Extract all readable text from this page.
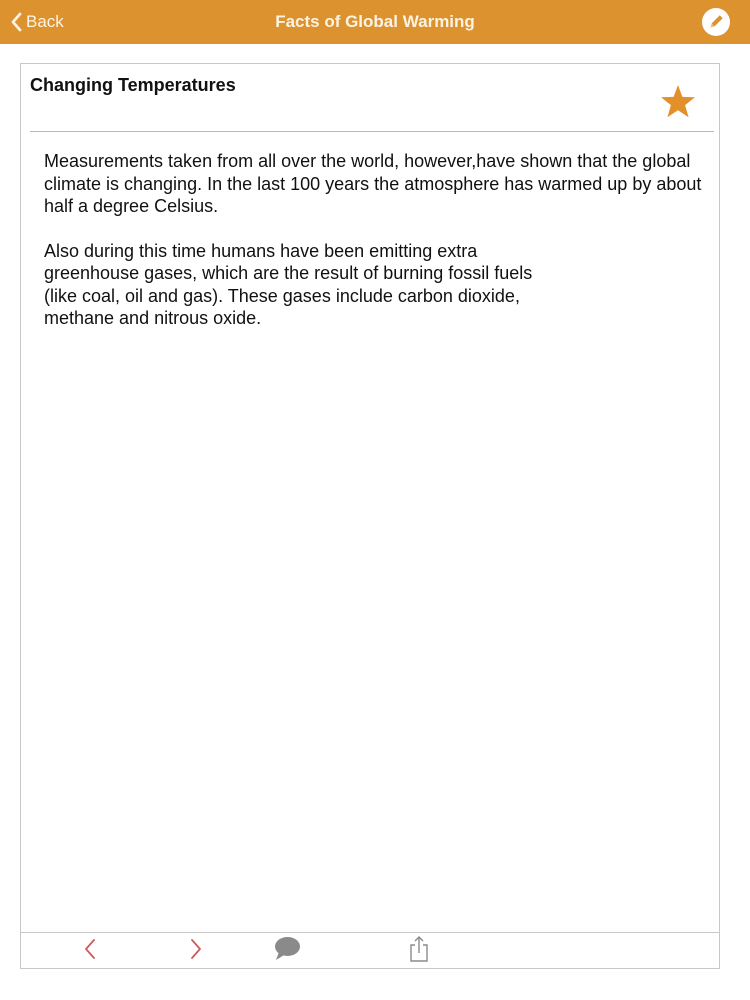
Back	Facts of Global Warming
Changing Temperatures

Measurements taken from all over the world, however,have shown that the global climate is changing. In the last 100 years the atmosphere has warmed up by about half a degree Celsius.

Also during this time humans have been emitting extra greenhouse gases, which are the result of burning fossil fuels (like coal, oil and gas). These gases include carbon dioxide, methane and nitrous oxide.
